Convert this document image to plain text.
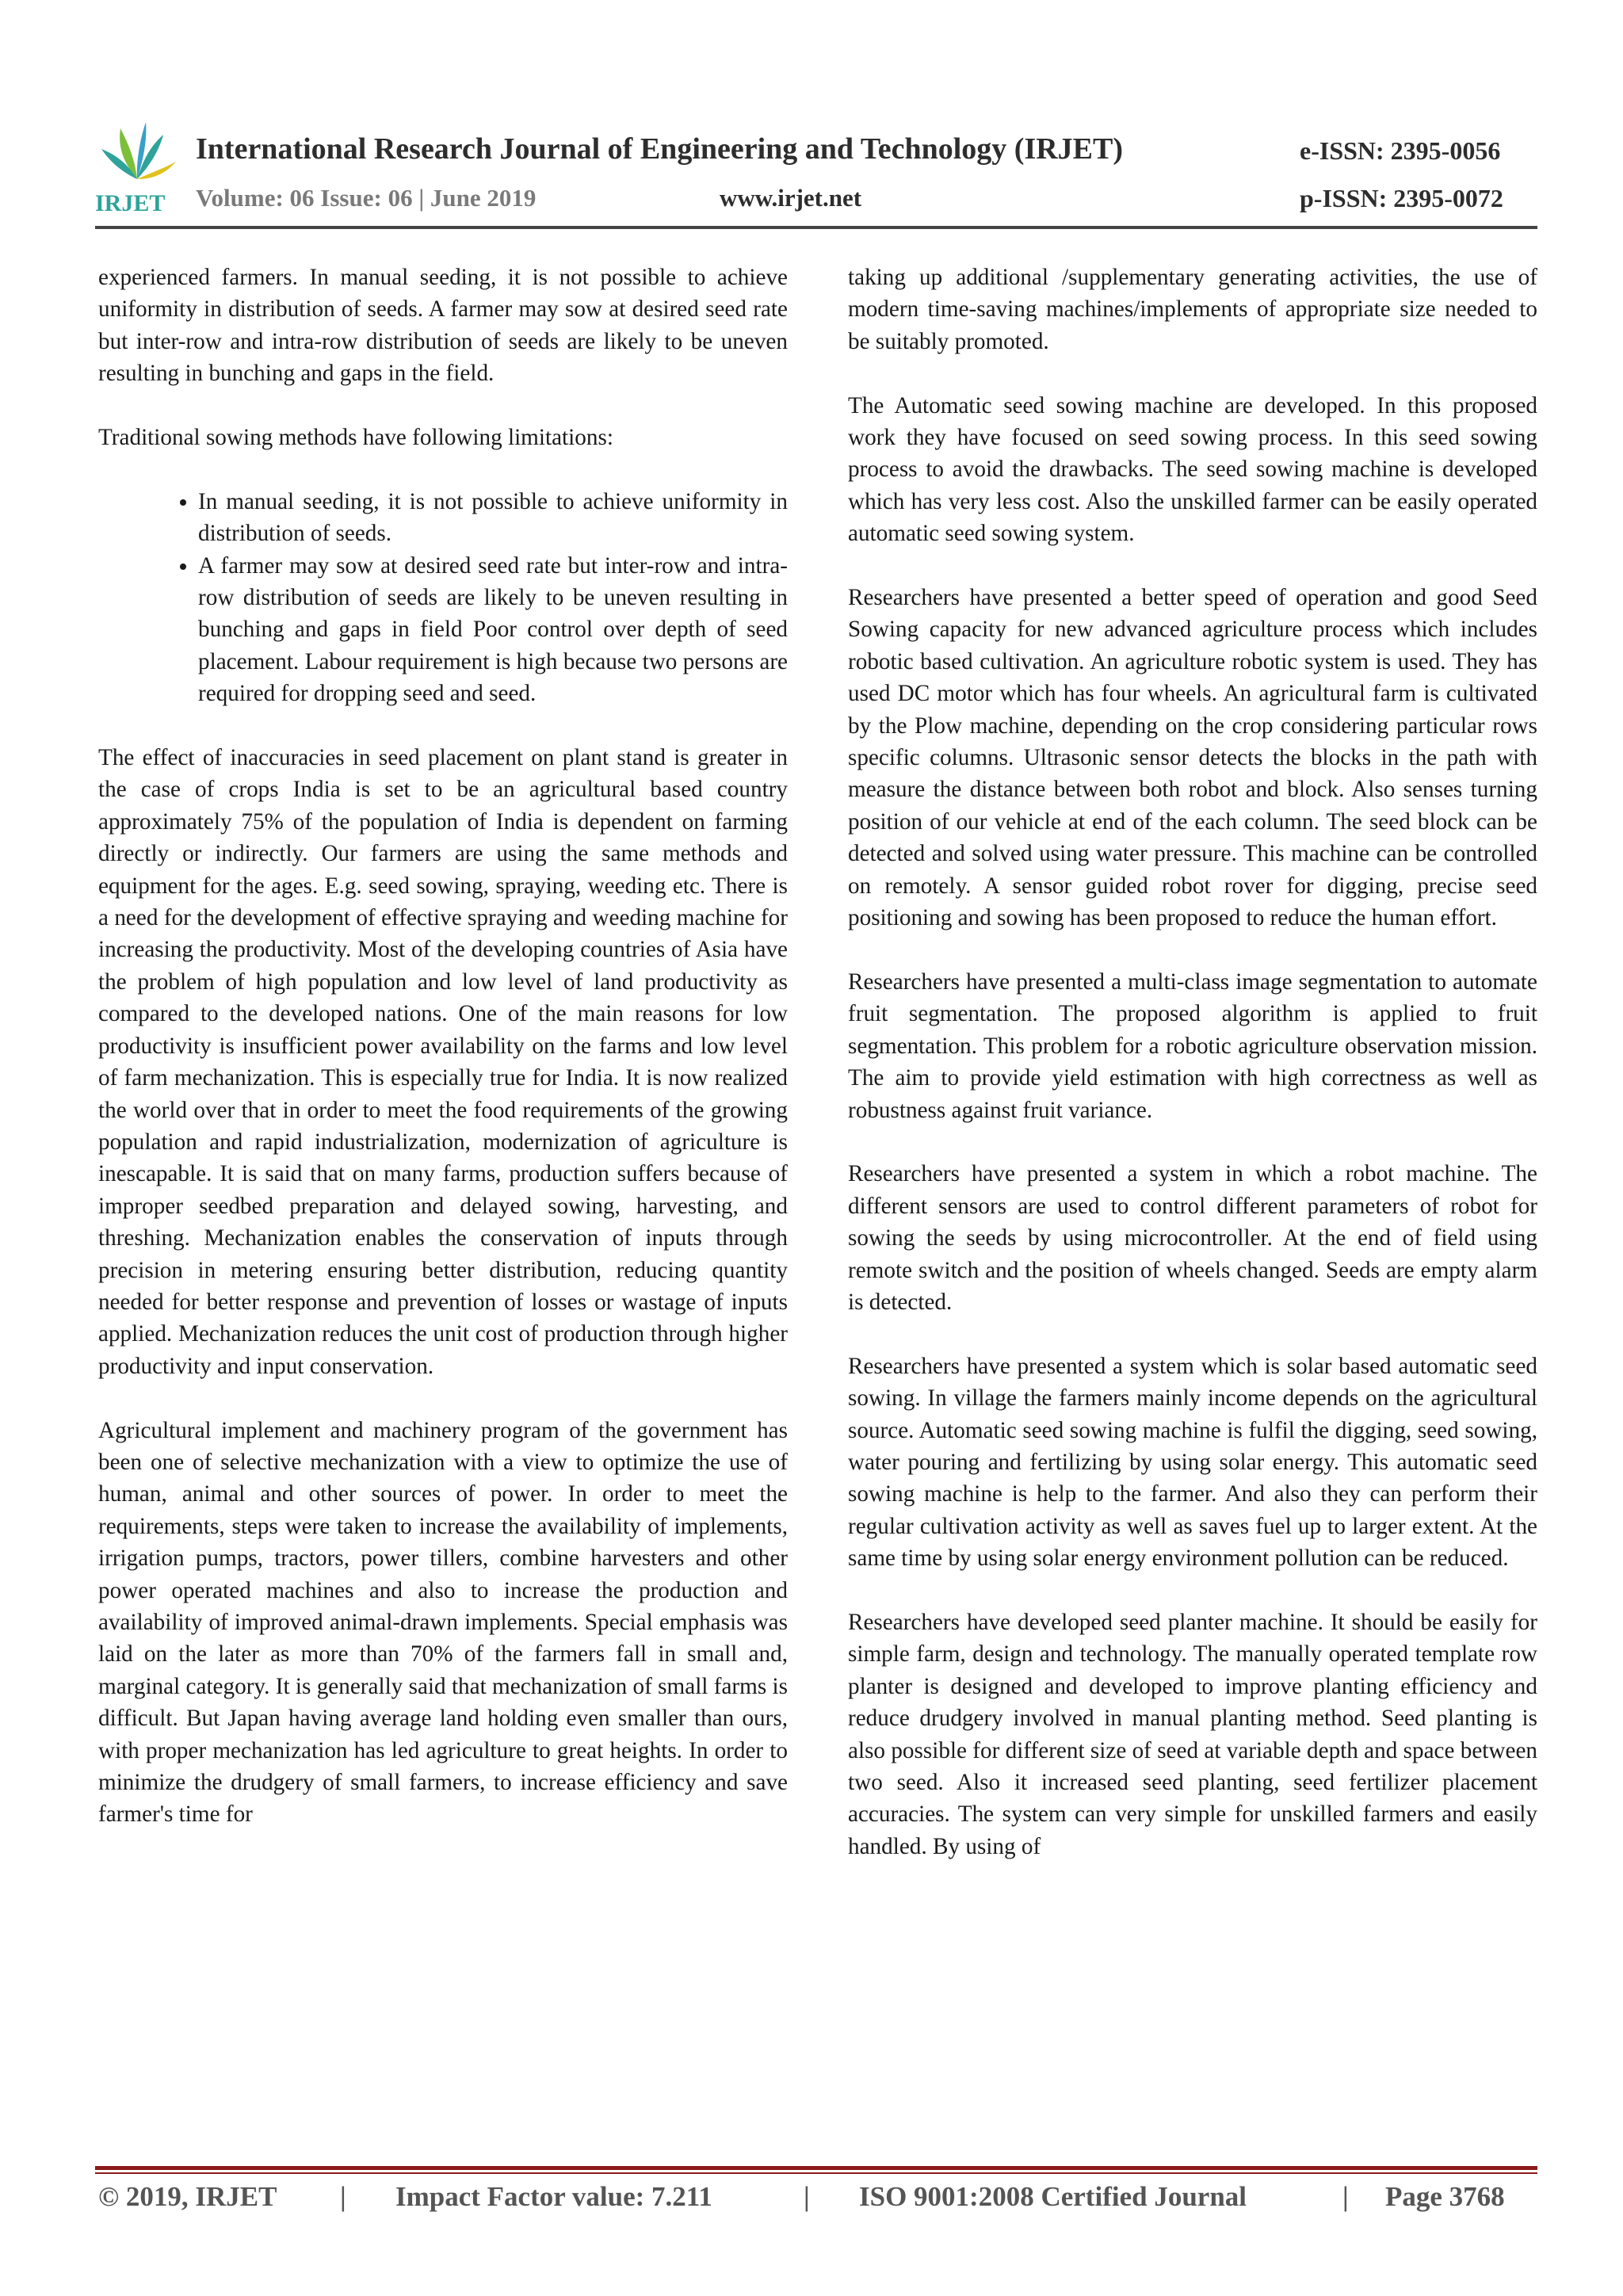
IRJET
International Research Journal of Engineering and Technology (IRJET)	e-ISSN: 2395-0056
Volume: 06 Issue: 06 | June 2019	www.irjet.net	p-ISSN: 2395-0072

experienced farmers. In manual seeding, it is not possible to achieve uniformity in distribution of seeds. A farmer may sow at desired seed rate but inter-row and intra-row distribution of seeds are likely to be uneven resulting in bunching and gaps in the field.

Traditional sowing methods have following limitations:

• In manual seeding, it is not possible to achieve uniformity in distribution of seeds.
• A farmer may sow at desired seed rate but inter-row and intra-row distribution of seeds are likely to be uneven resulting in bunching and gaps in field Poor control over depth of seed placement. Labour requirement is high because two persons are required for dropping seed and seed.

The effect of inaccuracies in seed placement on plant stand is greater in the case of crops India is set to be an agricultural based country approximately 75% of the population of India is dependent on farming directly or indirectly. Our farmers are using the same methods and equipment for the ages. E.g. seed sowing, spraying, weeding etc. There is a need for the development of effective spraying and weeding machine for increasing the productivity. Most of the developing countries of Asia have the problem of high population and low level of land productivity as compared to the developed nations. One of the main reasons for low productivity is insufficient power availability on the farms and low level of farm mechanization. This is especially true for India. It is now realized the world over that in order to meet the food requirements of the growing population and rapid industrialization, modernization of agriculture is inescapable. It is said that on many farms, production suffers because of improper seedbed preparation and delayed sowing, harvesting, and threshing. Mechanization enables the conservation of inputs through precision in metering ensuring better distribution, reducing quantity needed for better response and prevention of losses or wastage of inputs applied. Mechanization reduces the unit cost of production through higher productivity and input conservation.

Agricultural implement and machinery program of the government has been one of selective mechanization with a view to optimize the use of human, animal and other sources of power. In order to meet the requirements, steps were taken to increase the availability of implements, irrigation pumps, tractors, power tillers, combine harvesters and other power operated machines and also to increase the production and availability of improved animal-drawn implements. Special emphasis was laid on the later as more than 70% of the farmers fall in small and, marginal category. It is generally said that mechanization of small farms is difficult. But Japan having average land holding even smaller than ours, with proper mechanization has led agriculture to great heights. In order to minimize the drudgery of small farmers, to increase efficiency and save farmer's time for

taking up additional /supplementary generating activities, the use of modern time-saving machines/implements of appropriate size needed to be suitably promoted.

The Automatic seed sowing machine are developed. In this proposed work they have focused on seed sowing process. In this seed sowing process to avoid the drawbacks. The seed sowing machine is developed which has very less cost. Also the unskilled farmer can be easily operated automatic seed sowing system.

Researchers have presented a better speed of operation and good Seed Sowing capacity for new advanced agriculture process which includes robotic based cultivation. An agriculture robotic system is used. They has used DC motor which has four wheels. An agricultural farm is cultivated by the Plow machine, depending on the crop considering particular rows specific columns. Ultrasonic sensor detects the blocks in the path with measure the distance between both robot and block. Also senses turning position of our vehicle at end of the each column. The seed block can be detected and solved using water pressure. This machine can be controlled on remotely. A sensor guided robot rover for digging, precise seed positioning and sowing has been proposed to reduce the human effort.

Researchers have presented a multi-class image segmentation to automate fruit segmentation. The proposed algorithm is applied to fruit segmentation. This problem for a robotic agriculture observation mission. The aim to provide yield estimation with high correctness as well as robustness against fruit variance.

Researchers have presented a system in which a robot machine. The different sensors are used to control different parameters of robot for sowing the seeds by using microcontroller. At the end of field using remote switch and the position of wheels changed. Seeds are empty alarm is detected.

Researchers have presented a system which is solar based automatic seed sowing. In village the farmers mainly income depends on the agricultural source. Automatic seed sowing machine is fulfil the digging, seed sowing, water pouring and fertilizing by using solar energy. This automatic seed sowing machine is help to the farmer. And also they can perform their regular cultivation activity as well as saves fuel up to larger extent. At the same time by using solar energy environment pollution can be reduced.

Researchers have developed seed planter machine. It should be easily for simple farm, design and technology. The manually operated template row planter is designed and developed to improve planting efficiency and reduce drudgery involved in manual planting method. Seed planting is also possible for different size of seed at variable depth and space between two seed. Also it increased seed planting, seed fertilizer placement accuracies. The system can very simple for unskilled farmers and easily handled. By using of

© 2019, IRJET | Impact Factor value: 7.211	| ISO 9001:2008 Certified Journal	| Page 3768
